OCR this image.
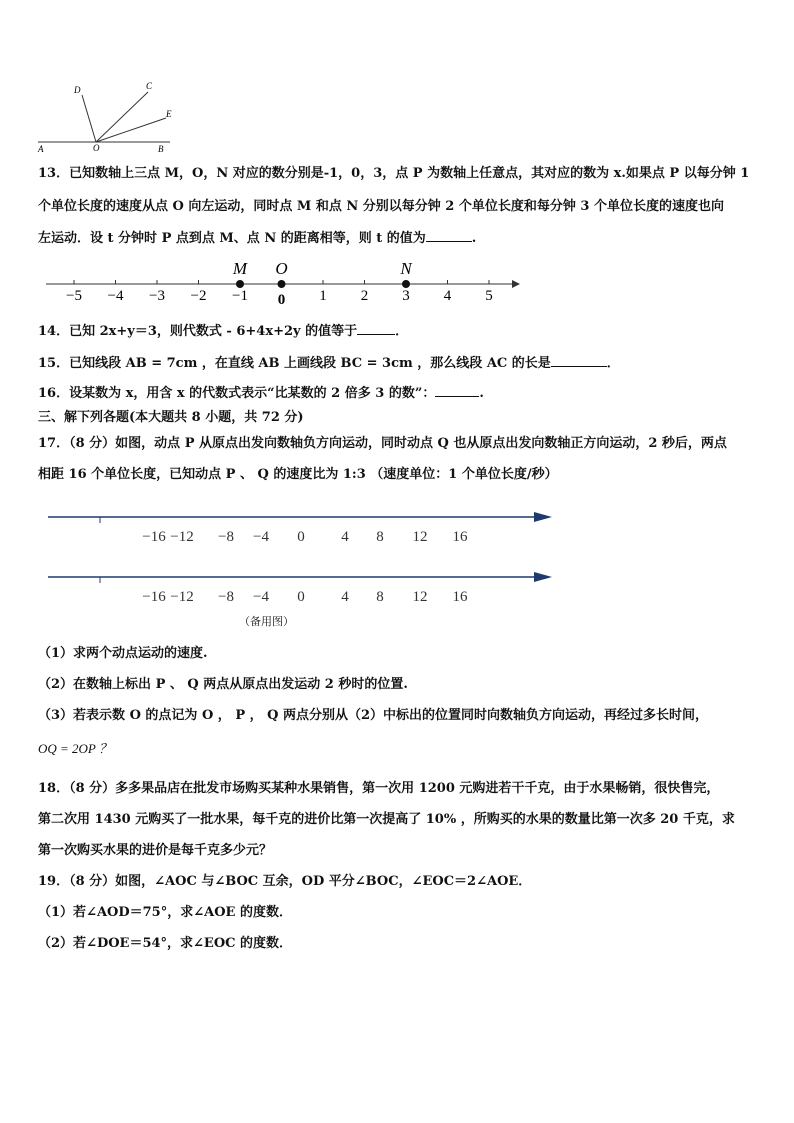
A	O	B
C
D
E
13．已知数轴上三点 M，O，N 对应的数分别是-1，0，3，点 P 为数轴上任意点，其对应的数为 x.如果点 P 以每分钟 1
个单位长度的速度从点 O 向左运动，同时点 M 和点 N 分别以每分钟 2 个单位长度和每分钟 3 个单位长度的速度也向
左运动．设 t 分钟时 P 点到点 M、点 N 的距离相等，则 t 的值为	.
−5 −4 −3 −2 −1 0 1 2 3 4 5
M O	N
14．已知 2x+y＝3，则代数式 - 6+4x+2y 的值等于	．
15．已知线段 AB = 7cm ，在直线 AB 上画线段 BC = 3cm ，那么线段 AC 的长是	．
16．设某数为 x，用含 x 的代数式表示“比某数的 2 倍多 3 的数”：	.
三、解下列各题(本大题共 8 小题，共 72 分)
17．（8 分）如图，动点 P 从原点出发向数轴负方向运动，同时动点 Q 也从原点出发向数轴正方向运动，2 秒后，两点
相距 16 个单位长度，已知动点 P 、 Q 的速度比为 1:3 （速度单位：1 个单位长度/秒）
−16 −12 −8 −4 0 4 8 12 16
−16 −12 −8 −4 0 4 8 12 16
（备用图）
（1）求两个动点运动的速度.
（2）在数轴上标出 P 、 Q 两点从原点出发运动 2 秒时的位置.
（3）若表示数 O 的点记为 O ， P ， Q 两点分别从（2）中标出的位置同时向数轴负方向运动，再经过多长时间，
OQ = 2OP ？
18．（8 分）多多果品店在批发市场购买某种水果销售，第一次用 1200 元购进若干千克，由于水果畅销，很快售完，
第二次用 1430 元购买了一批水果，每千克的进价比第一次提高了 10% ，所购买的水果的数量比第一次多 20 千克，求
第一次购买水果的进价是每千克多少元？
19．（8 分）如图，∠AOC 与∠BOC 互余，OD 平分∠BOC，∠EOC＝2∠AOE．
（1）若∠AOD＝75°，求∠AOE 的度数．
（2）若∠DOE＝54°，求∠EOC 的度数．
